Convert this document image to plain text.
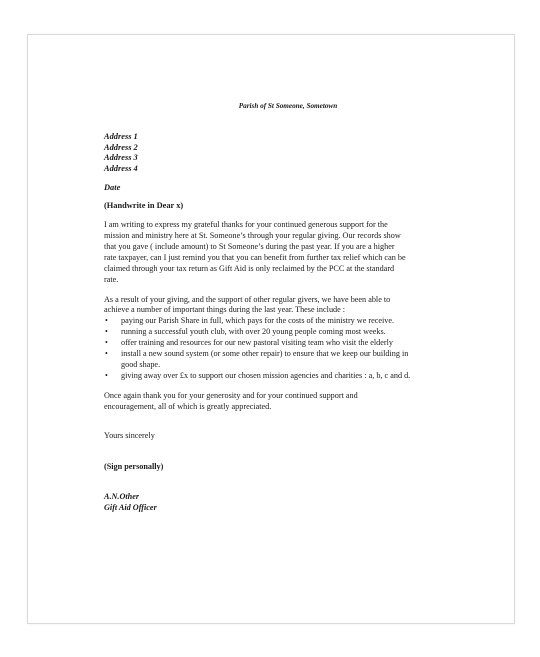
Parish of St Someone, Sometown
Address 1
Address 2
Address 3
Address 4
Date
(Handwrite in Dear x)
I am writing to express my grateful thanks for your continued generous support for the
mission and ministry here at St. Someone’s through your regular giving. Our records show
that you gave ( include amount) to St Someone’s during the past year. If you are a higher
rate taxpayer, can I just remind you that you can benefit from further tax relief which can be
claimed through your tax return as Gift Aid is only reclaimed by the PCC at the standard
rate.
As a result of your giving, and the support of other regular givers, we have been able to
achieve a number of important things during the last year. These include :
• paying our Parish Share in full, which pays for the costs of the ministry we receive.
• running a successful youth club, with over 20 young people coming most weeks.
• offer training and resources for our new pastoral visiting team who visit the elderly
• install a new sound system (or some other repair) to ensure that we keep our building in
good shape.
• giving away over £x to support our chosen mission agencies and charities : a, b, c and d.
Once again thank you for your generosity and for your continued support and
encouragement, all of which is greatly appreciated.
Yours sincerely
(Sign personally)
A.N.Other
Gift Aid Officer
